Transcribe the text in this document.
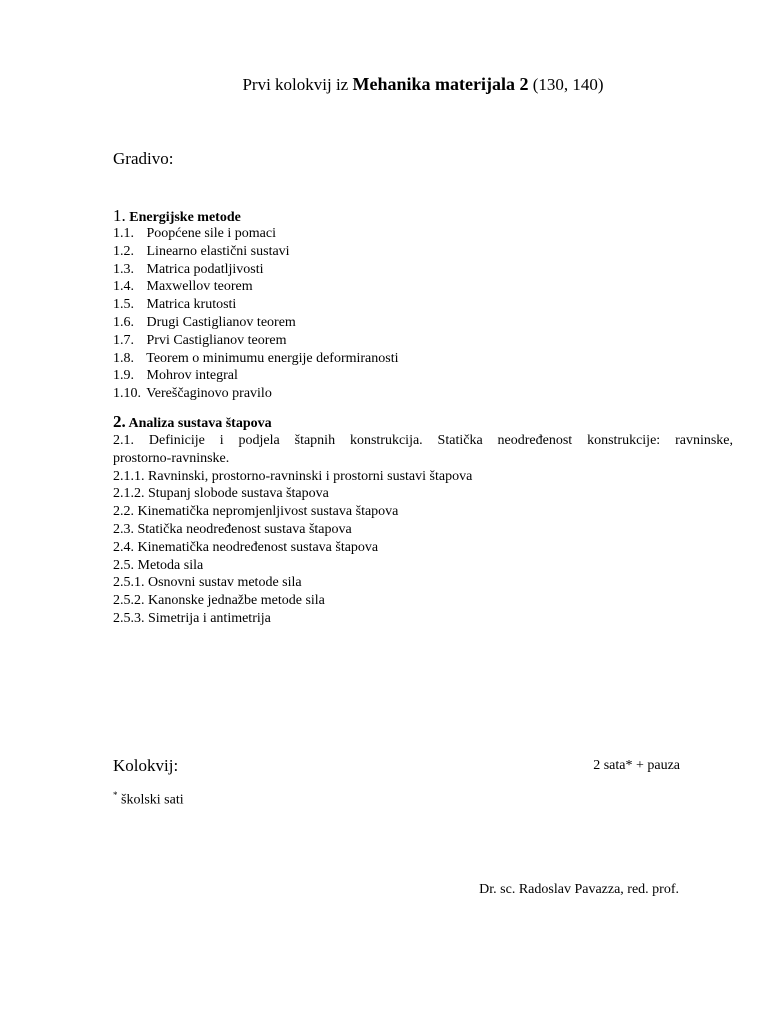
Prvi kolokvij iz Mehanika materijala 2 (130, 140)
Gradivo:
1. Energijske metode
1.1. Poopćene sile i pomaci
1.2. Linearno elastični sustavi
1.3. Matrica podatljivosti
1.4. Maxwellov teorem
1.5. Matrica krutosti
1.6. Drugi Castiglianov teorem
1.7. Prvi Castiglianov teorem
1.8. Teorem o minimumu energije deformiranosti
1.9. Mohrov integral
1.10. Vereščaginovo pravilo
2. Analiza sustava štapova
2.1. Definicije i podjela štapnih konstrukcija. Statička neodređenost konstrukcije: ravninske,
prostorno-ravninske.
2.1.1. Ravninski, prostorno-ravninski i prostorni sustavi štapova
2.1.2. Stupanj slobode sustava štapova
2.2. Kinematička nepromjenljivost sustava štapova
2.3. Statička neodređenost sustava štapova
2.4. Kinematička neodređenost sustava štapova
2.5. Metoda sila
2.5.1. Osnovni sustav metode sila
2.5.2. Kanonske jednažbe metode sila
2.5.3. Simetrija i antimetrija
Kolokvij:	2 sata* + pauza
* školski sati
Dr. sc. Radoslav Pavazza, red. prof.
